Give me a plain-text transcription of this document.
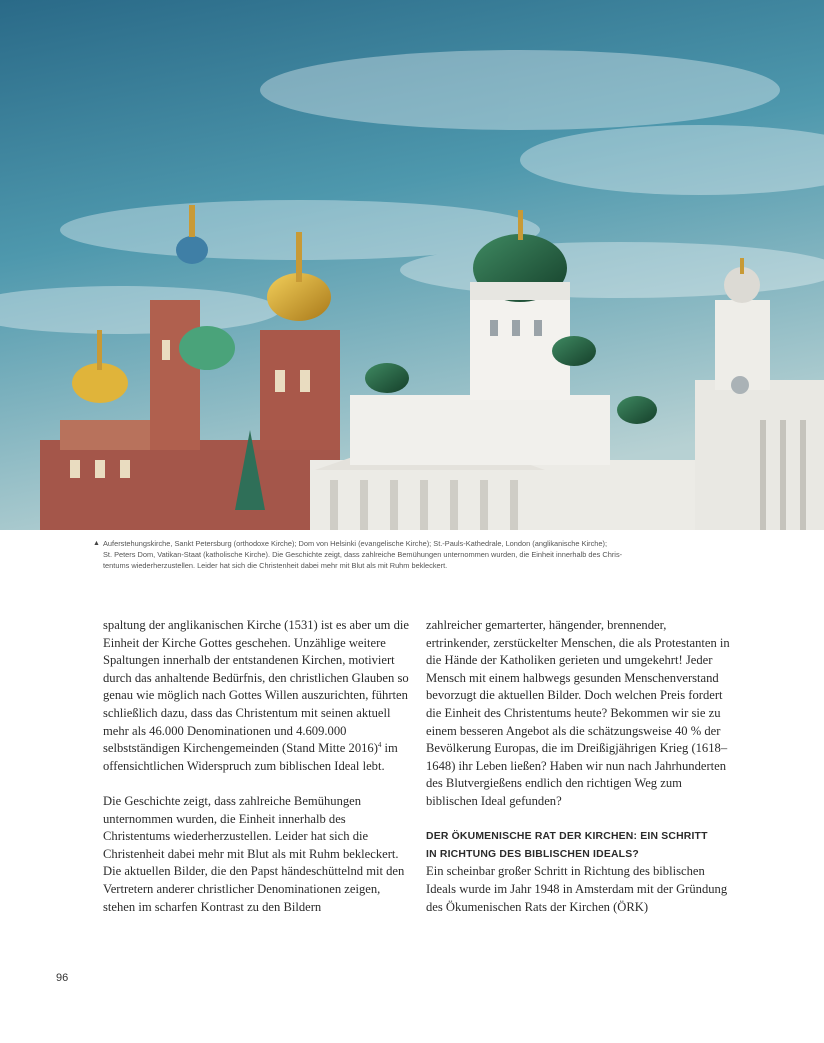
▲ Auferstehungskirche, Sankt Petersburg (orthodoxe Kirche); Dom von Helsinki (evangelische Kirche); St.-Pauls-Kathedrale, London (anglikanische Kirche);

St. Peters Dom, Vatikan-Staat (katholische Kirche). Die Geschichte zeigt, dass zahlreiche Bemühungen unternommen wurden, die Einheit innerhalb des Chris-

tentums wiederherzustellen. Leider hat sich die Christenheit dabei mehr mit Blut als mit Ruhm bekleckert.

spaltung der anglikanischen Kirche (1531) ist es aber um die Einheit der Kirche Gottes geschehen. Unzählige weitere Spaltungen innerhalb der entstandenen Kirchen, motiviert durch das anhaltende Bedürfnis, den christlichen Glauben so genau wie möglich nach Gottes Willen auszurichten, führten schließlich dazu, dass das Christentum mit seinen aktuell mehr als 46.000 Denominationen und 4.609.000 selbstständigen Kirchengemeinden (Stand Mitte 2016)$^4$ im offensichtlichen Widerspruch zum biblischen Ideal lebt.

Die Geschichte zeigt, dass zahlreiche Bemühungen unternommen wurden, die Einheit innerhalb des Christentums wiederherzustellen. Leider hat sich die Christenheit dabei mehr mit Blut als mit Ruhm bekleckert. Die aktuellen Bilder, die den Papst händeschüttelnd mit den Vertretern anderer christlicher Denominationen zeigen, stehen im scharfen Kontrast zu den Bildern

zahlreicher gemarterter, hängender, brennender, ertrinkender, zerstückelter Menschen, die als Protestanten in die Hände der Katholiken gerieten und umgekehrt! Jeder Mensch mit einem halbwegs gesunden Menschenverstand bevorzugt die aktuellen Bilder. Doch welchen Preis fordert die Einheit des Christentums heute? Bekommen wir sie zu einem besseren Angebot als die schätzungsweise 40 % der Bevölkerung Europas, die im Dreißigjährigen Krieg (1618–1648) ihr Leben ließen? Haben wir nun nach Jahrhunderten des Blutvergießens endlich den richtigen Weg zum biblischen Ideal gefunden?

DER ÖKUMENISCHE RAT DER KIRCHEN: EIN SCHRITT
IN RICHTUNG DES BIBLISCHEN IDEALS?

Ein scheinbar großer Schritt in Richtung des biblischen Ideals wurde im Jahr 1948 in Amsterdam mit der Gründung des Ökumenischen Rats der Kirchen (ÖRK)

96
